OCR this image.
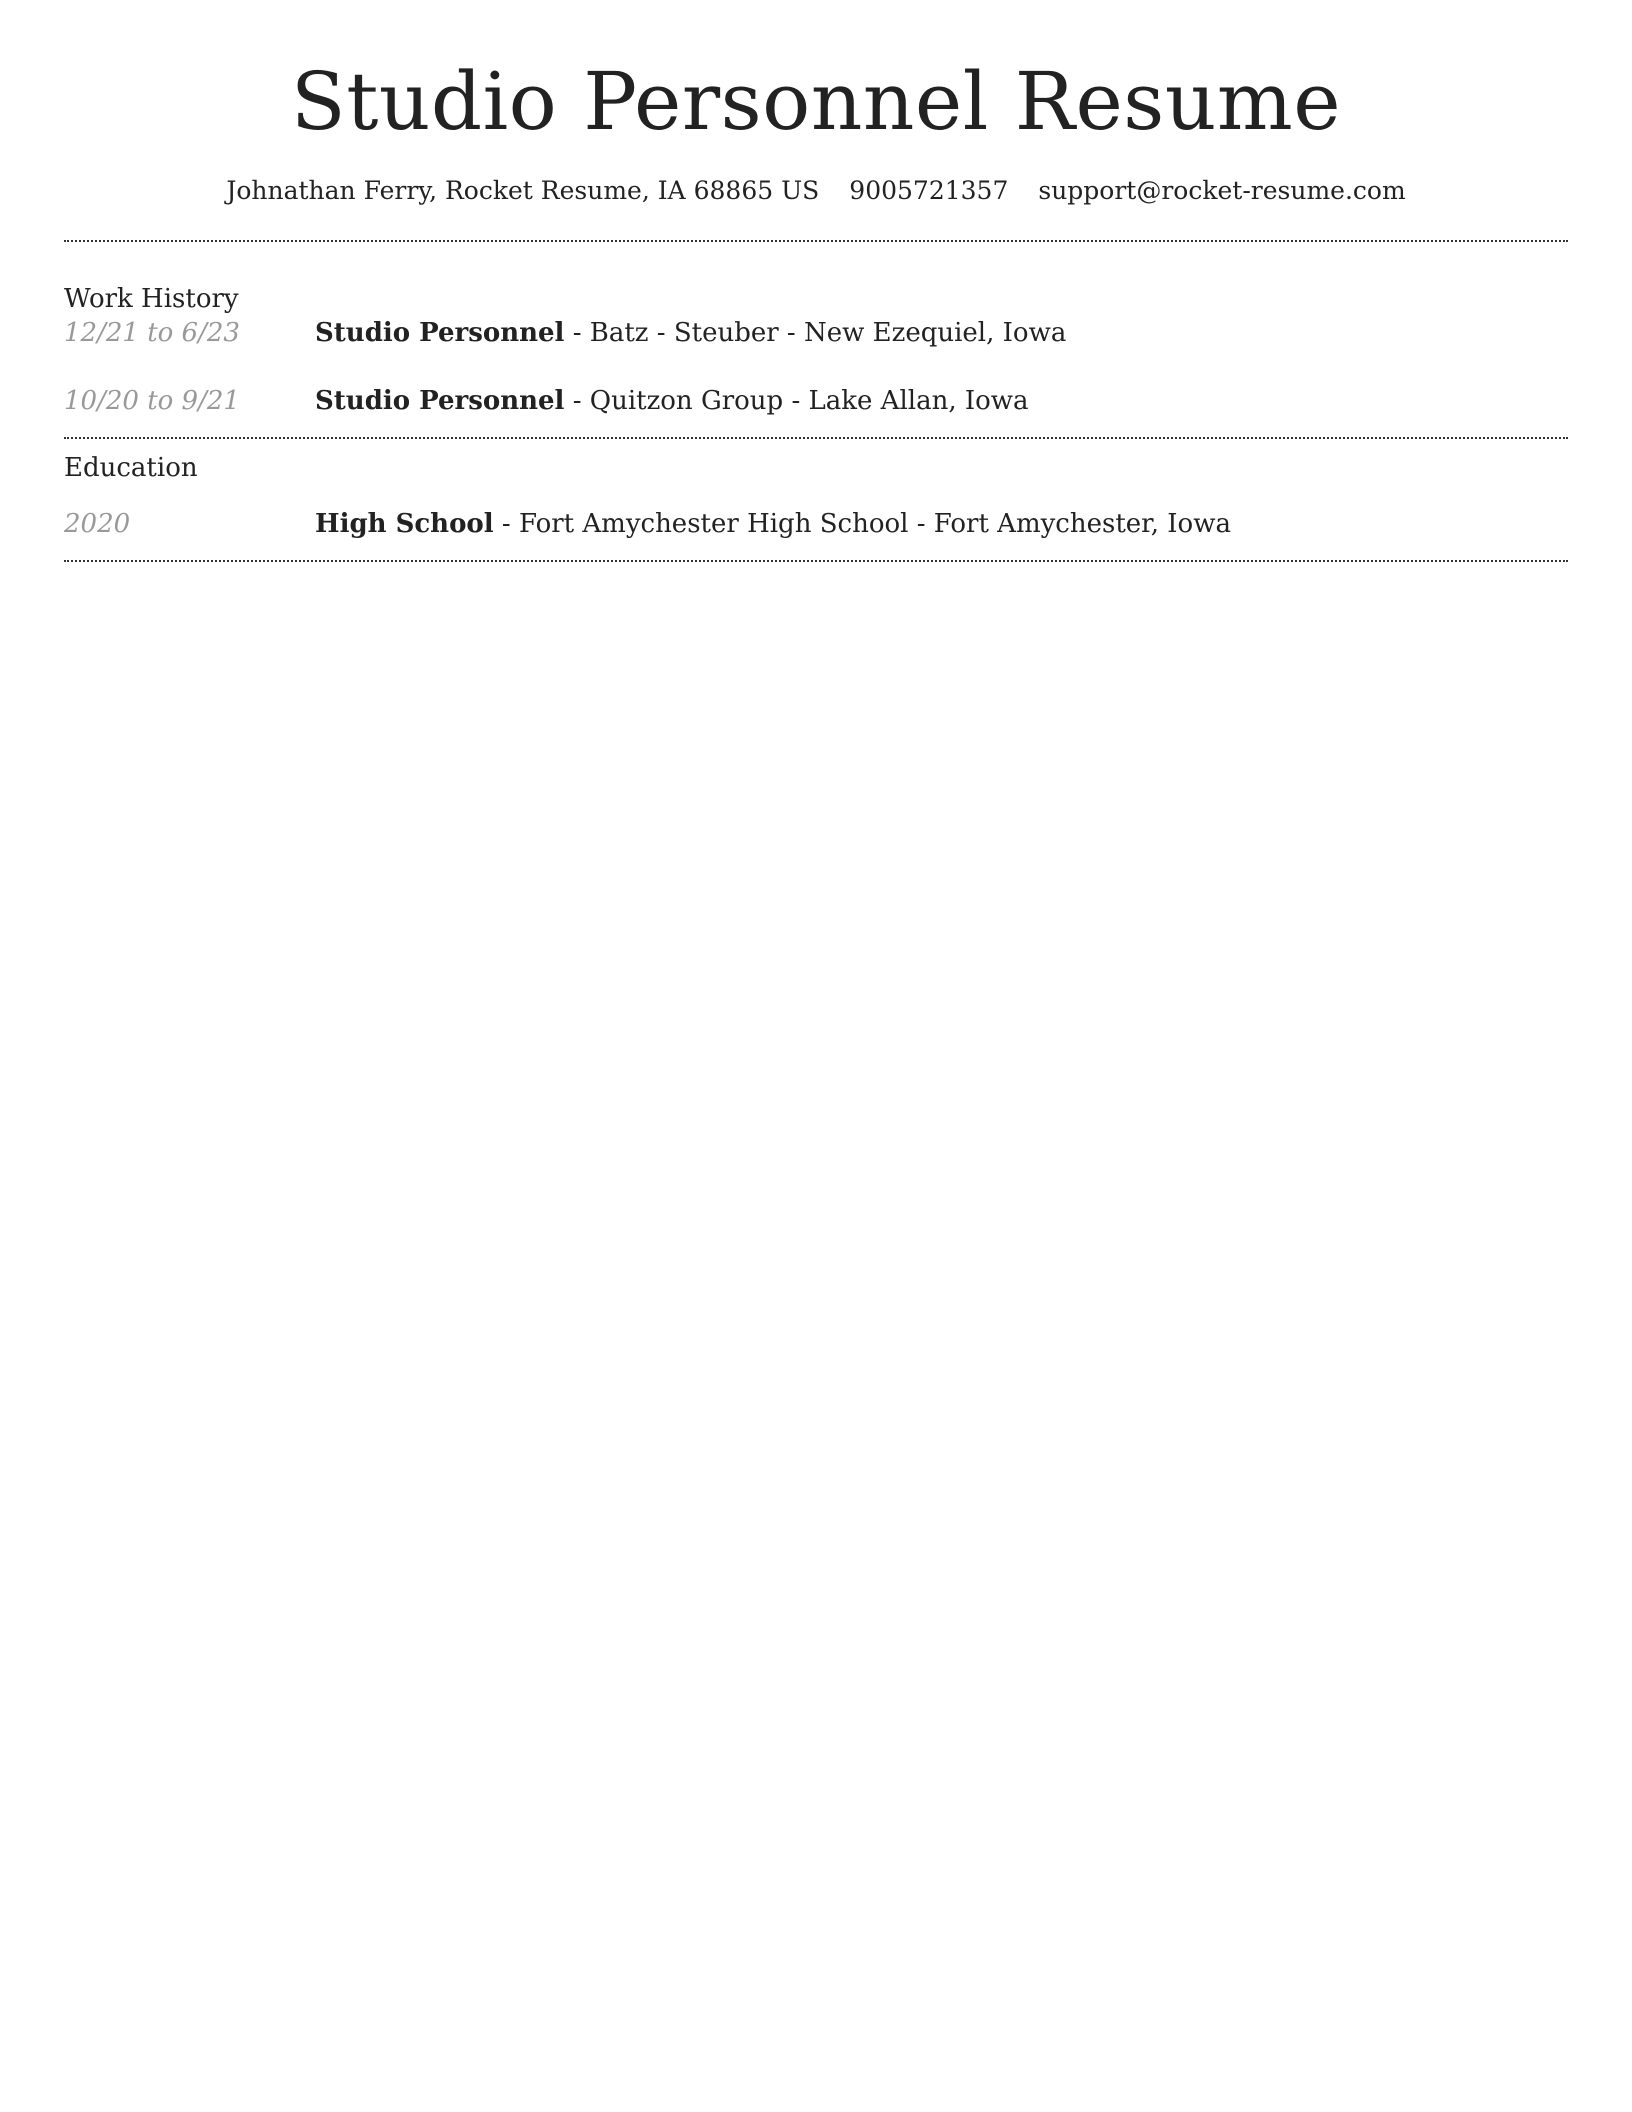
Studio Personnel Resume
Johnathan Ferry, Rocket Resume, IA 68865 US 9005721357 support@rocket-resume.com
Work History
12/21 to 6/23	Studio Personnel - Batz - Steuber - New Ezequiel, Iowa
10/20 to 9/21	Studio Personnel - Quitzon Group - Lake Allan, Iowa
Education
2020	High School - Fort Amychester High School - Fort Amychester, Iowa
